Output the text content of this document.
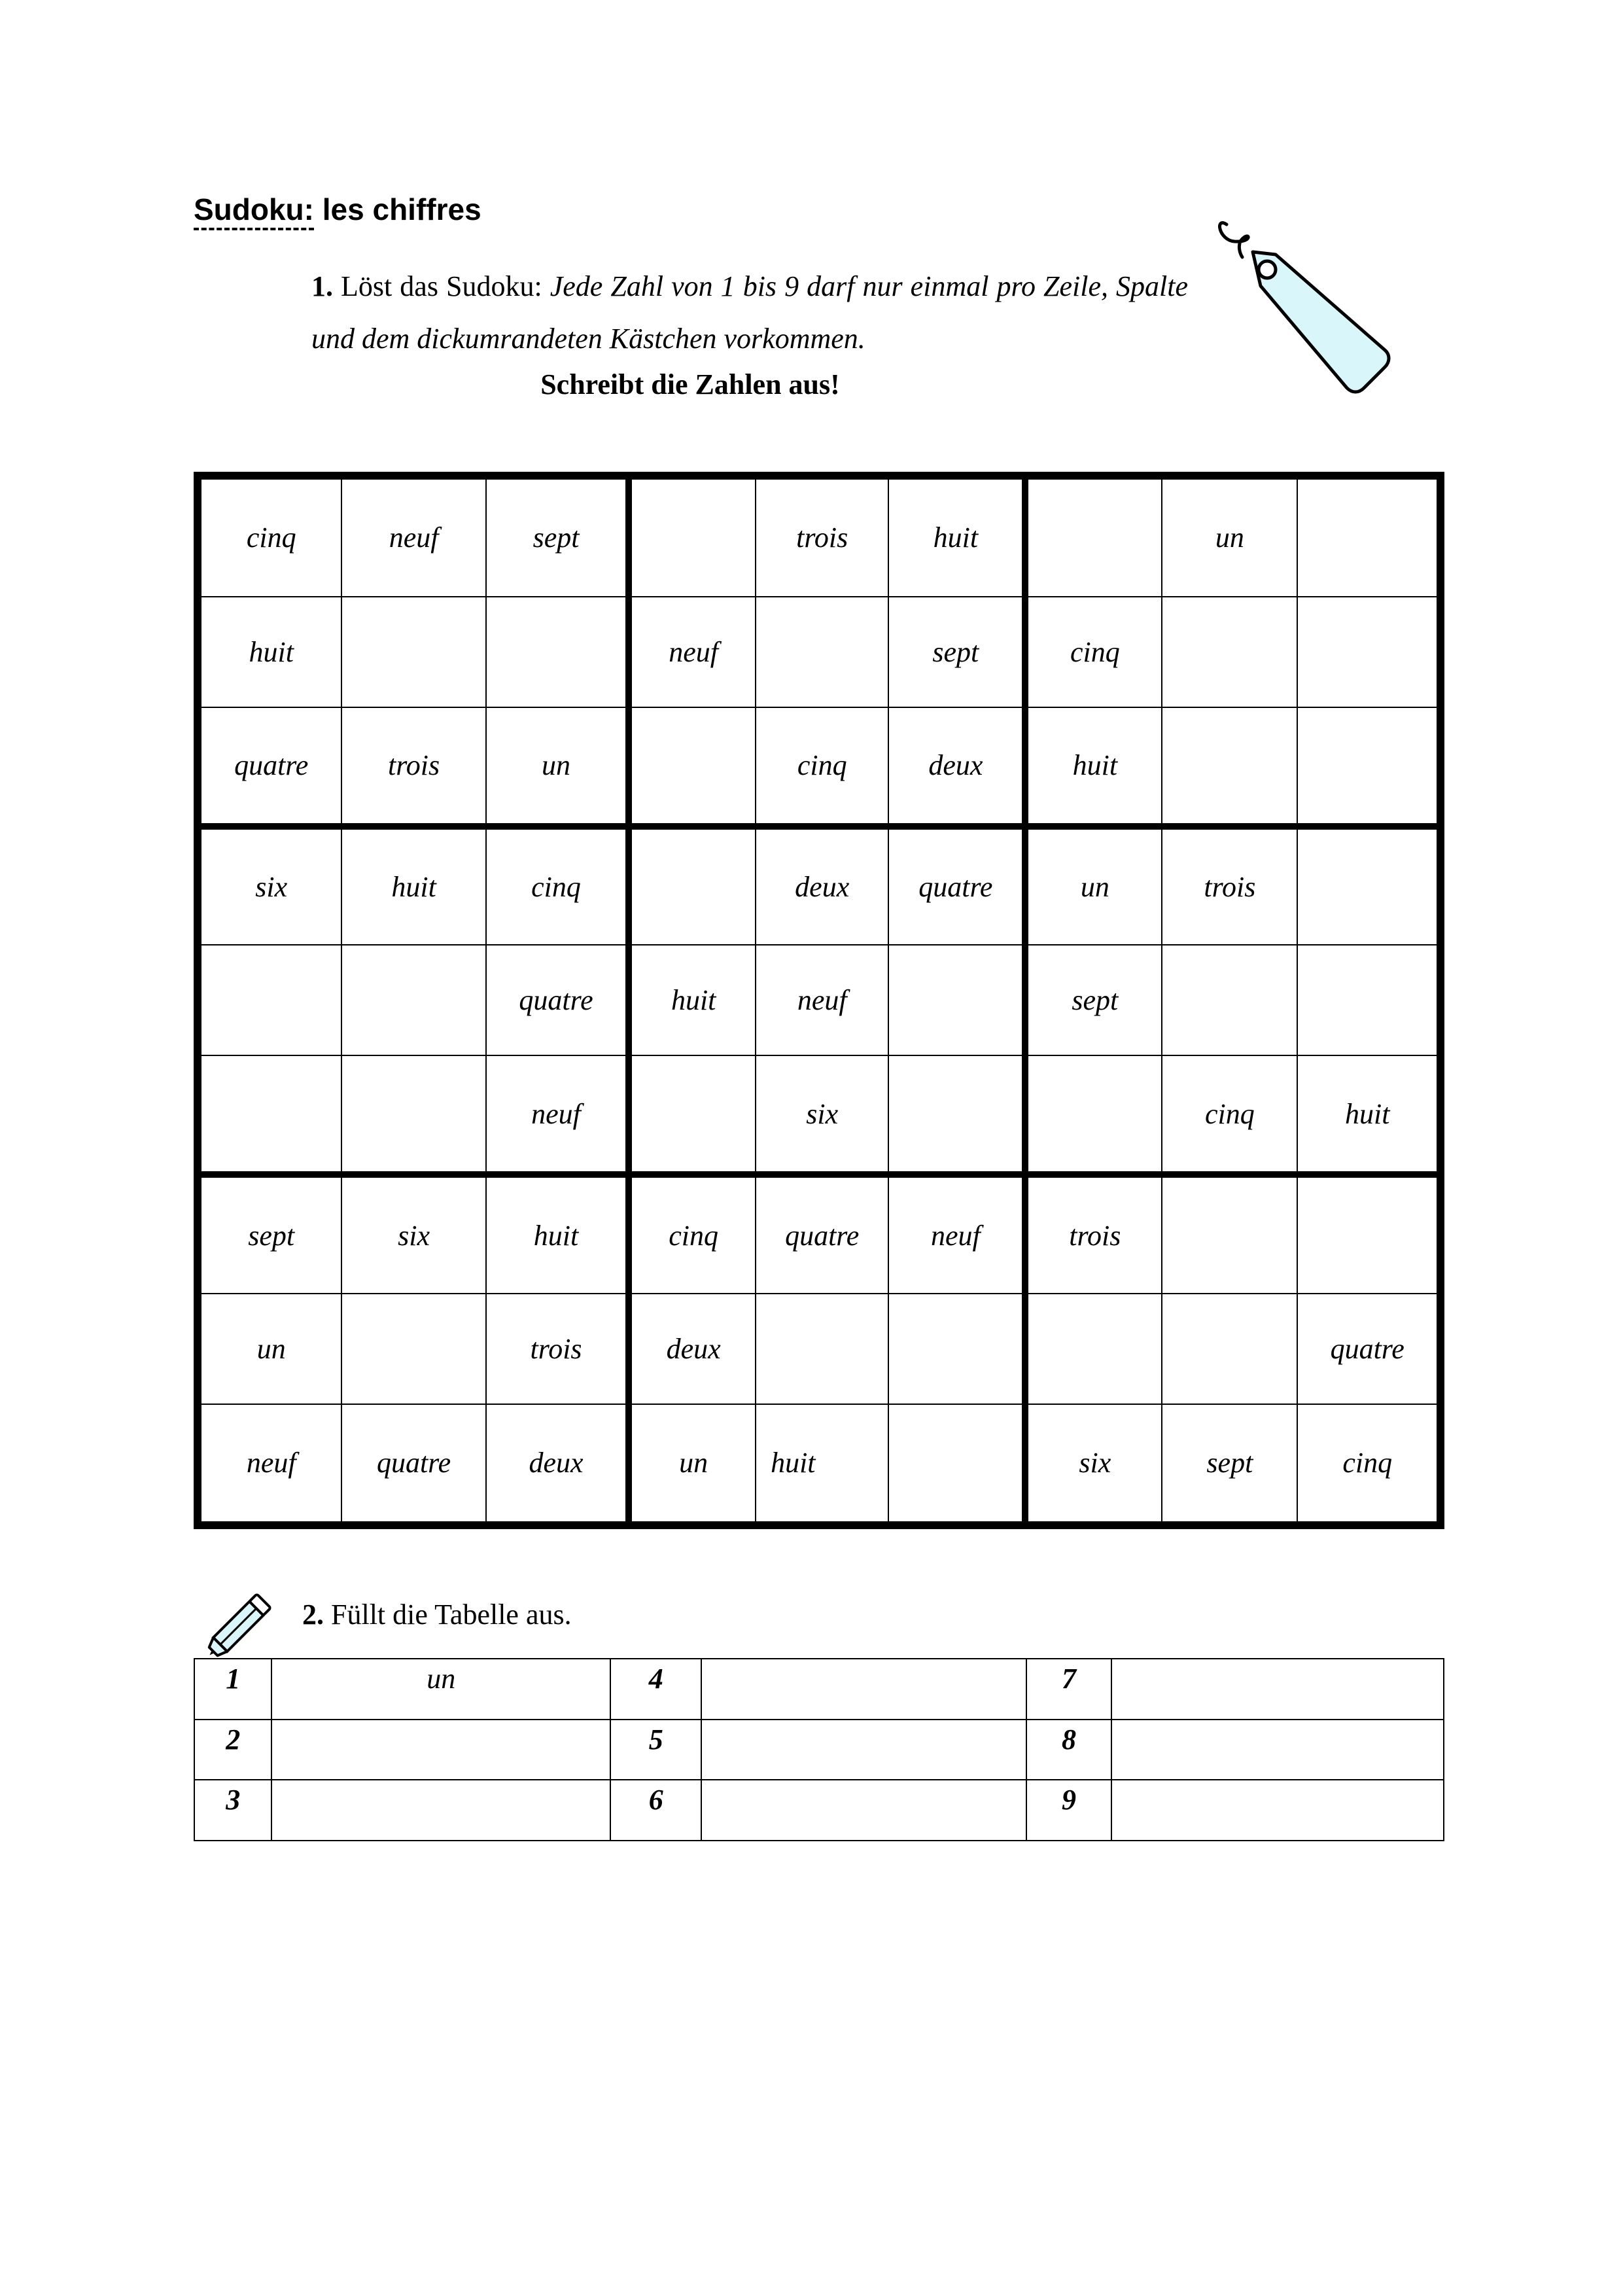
Sudoku: les chiffres

1. Löst das Sudoku: Jede Zahl von 1 bis 9 darf nur einmal pro Zeile, Spalte und dem dickumrandeten Kästchen vorkommen.

Schreibt die Zahlen aus!
cinq	neuf	sept		trois	huit		un	
huit			neuf		sept	cinq		
quatre	trois	un		cinq	deux	huit		
six	huit	cinq		deux	quatre	un	trois	
		quatre	huit	neuf		sept		
		neuf		six			cinq	huit
sept	six	huit	cinq	quatre	neuf	trois		
un		trois	deux					quatre
neuf	quatre	deux	un	huit		six	sept	cinq
2. Füllt die Tabelle aus.
1	un	4		7	
2		5		8	
3		6		9	
